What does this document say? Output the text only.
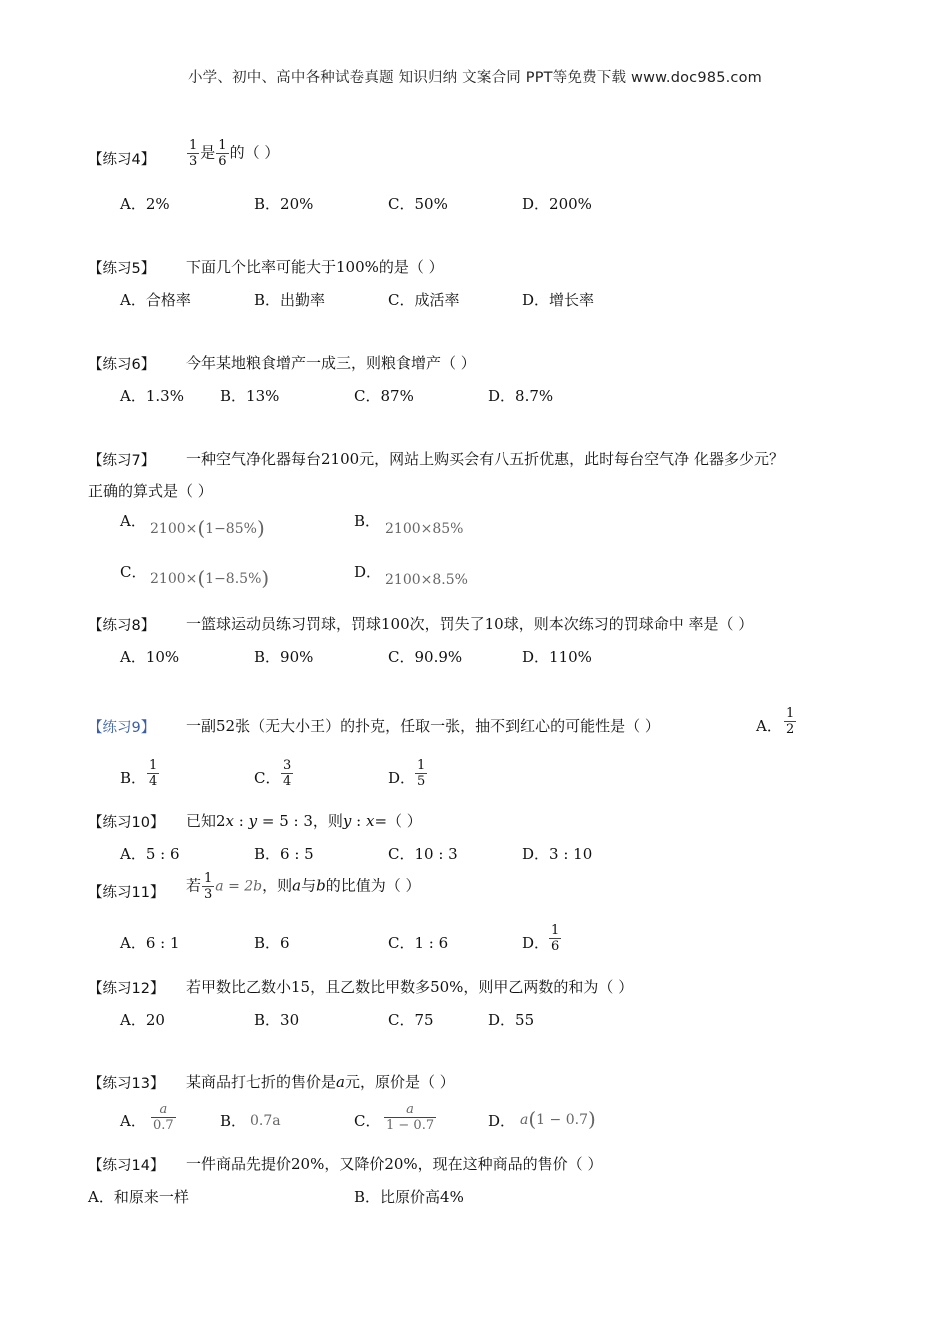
小学、初中、高中各种试卷真题 知识归纳 文案合同 PPT等免费下载 www.doc985.com
【练习4】 $\frac{1}{3}$ 是 $\frac{1}{6}$ 的（ ）
A．2%	B．20%	C．50%	D．200%
【练习5】 下面几个比率可能大于100%的是（ ）
A．合格率	B．出勤率	C．成活率	D．增长率
【练习6】 今年某地粮食增产一成三，则粮食增产（ ）
A．1.3% B．13%	C．87%	D．8.7%
【练习7】 一种空气净化器每台2100元，网站上购买会有八五折优惠，此时每台空气净 化器多少元？
正确的算式是（ ）
A． 2100×(1−85%)	B． 2100×85%
C． 2100×(1−8.5%)	D． 2100×8.5%
【练习8】 一篮球运动员练习罚球，罚球100次，罚失了10球，则本次练习的罚球命中 率是（ ）
A．10%	B．90%	C．90.9%	D．110%
【练习9】 一副52张（无大小王）的扑克，任取一张，抽不到红心的可能性是（ ）	A． $\frac{1}{2}$
B． $\frac{1}{4}$	C． $\frac{3}{4}$	D． $\frac{1}{5}$
【练习10】 已知2x : y = 5 : 3，则y : x=（ ）
A．5 : 6	B．6 : 5	C．10 : 3	D．3 : 10
【练习11】 若 $\frac{1}{3}$ a = 2b，则a与b的比值为（ ）
A．6 : 1	B．6	C．1 : 6	D． $\frac{1}{6}$
【练习12】 若甲数比乙数小15，且乙数比甲数多50%，则甲乙两数的和为（ ）
A．20	B．30	C．75	D．55
【练习13】 某商品打七折的售价是a元，原价是（ ）
A． $\frac{a}{0.7}$	B． 0.7a	C． $\frac{a}{1 - 0.7}$	D． a(1 − 0.7)
【练习14】 一件商品先提价20%，又降价20%，现在这种商品的售价（ ）
A．和原来一样	B．比原价高4%
